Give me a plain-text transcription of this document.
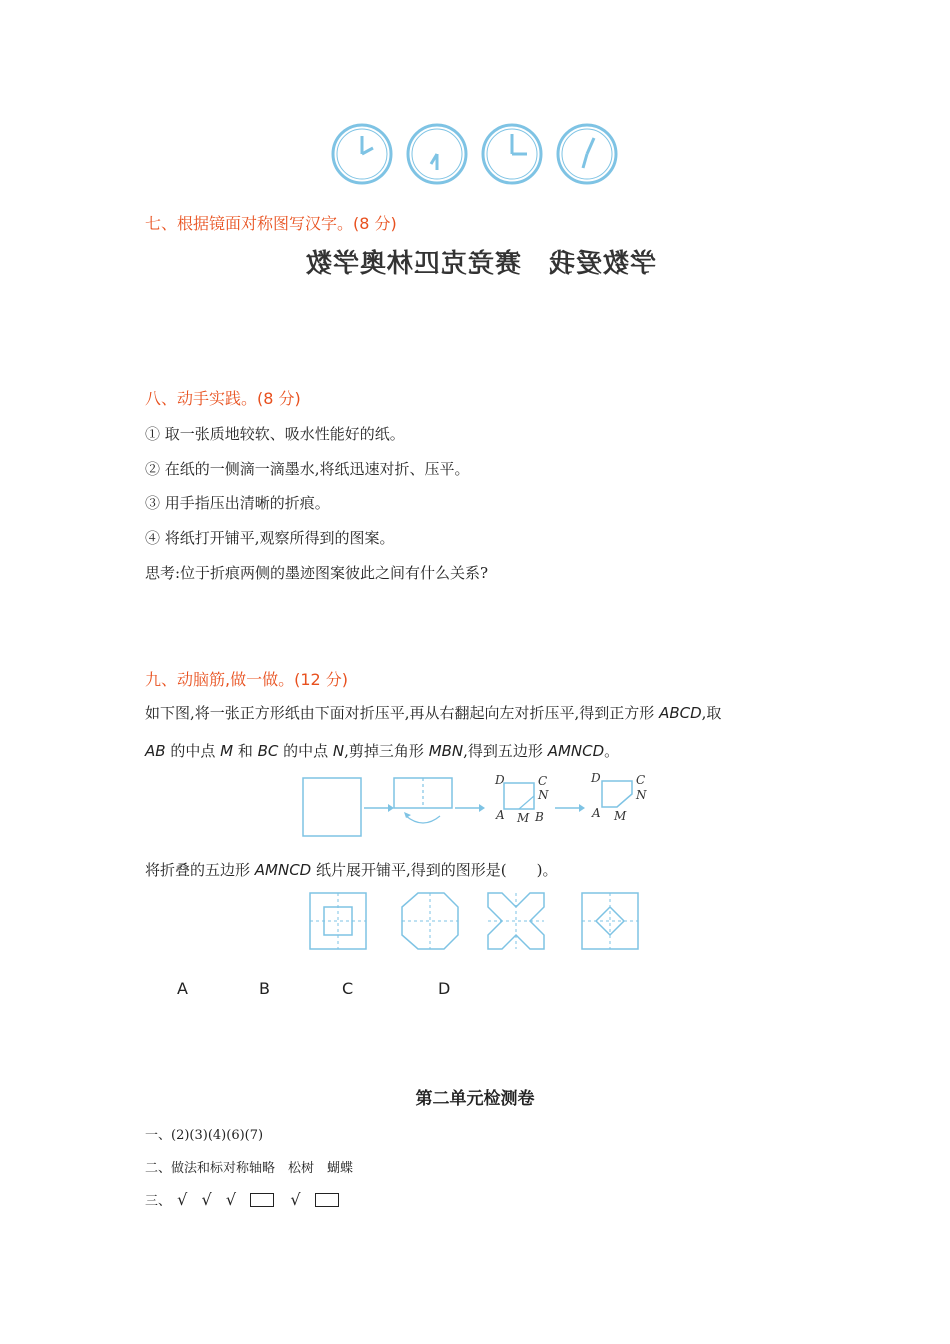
七、根据镜面对称图写汉字。(8 分)
赛竞克匹林奥学数 学数爱我
八、动手实践。(8 分)
① 取一张质地较软、吸水性能好的纸。
② 在纸的一侧滴一滴墨水,将纸迅速对折、压平。
③ 用手指压出清晰的折痕。
④ 将纸打开铺平,观察所得到的图案。
思考:位于折痕两侧的墨迹图案彼此之间有什么关系?
九、动脑筋,做一做。(12 分)
如下图,将一张正方形纸由下面对折压平,再从右翻起向左对折压平,得到正方形 ABCD,取
AB 的中点 M 和 BC 的中点 N,剪掉三角形 MBN,得到五边形 AMNCD。
D	C
N
A M B
D	C
N
A M
将折叠的五边形 AMNCD 纸片展开铺平,得到的图形是(　　)。
A	B	C	D
第二单元检测卷
一、(2)(3)(4)(6)(7)
二、做法和标对称轴略　松树　蝴蝶
三、 √ √ √	√
